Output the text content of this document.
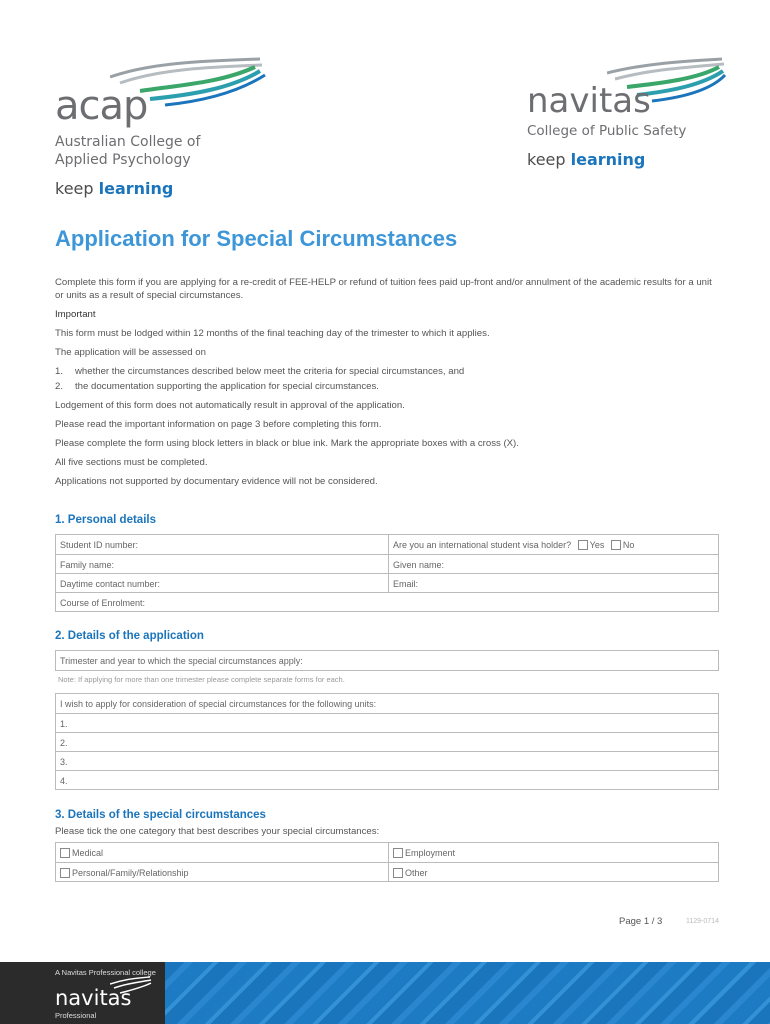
acap
Australian College of
Applied Psychology
keep learning
navitas
College of Public Safety
keep learning
Application for Special Circumstances

Complete this form if you are applying for a re-credit of FEE-HELP or refund of tuition fees paid up-front and/or annulment of the academic results for a unit or units as a result of special circumstances.

Important

This form must be lodged within 12 months of the final teaching day of the trimester to which it applies.

The application will be assessed on

1. whether the circumstances described below meet the criteria for special circumstances, and
2. the documentation supporting the application for special circumstances.

Lodgement of this form does not automatically result in approval of the application.

Please read the important information on page 3 before completing this form.

Please complete the form using block letters in black or blue ink. Mark the appropriate boxes with a cross (X).

All five sections must be completed.

Applications not supported by documentary evidence will not be considered.

1. Personal details
Student ID number:	Are you an international student visa holder? Yes No
Family name:	Given name:
Daytime contact number:	Email:
Course of Enrolment:
2. Details of the application
Trimester and year to which the special circumstances apply:
Note: If applying for more than one trimester please complete separate forms for each.
I wish to apply for consideration of special circumstances for the following units:
1.
2.
3.
4.
3. Details of the special circumstances
Please tick the one category that best describes your special circumstances:
Medical	Employment
Personal/Family/Relationship	Other
Page 1 / 3	1129-0714
A Navitas Professional college
navitas
Professional
